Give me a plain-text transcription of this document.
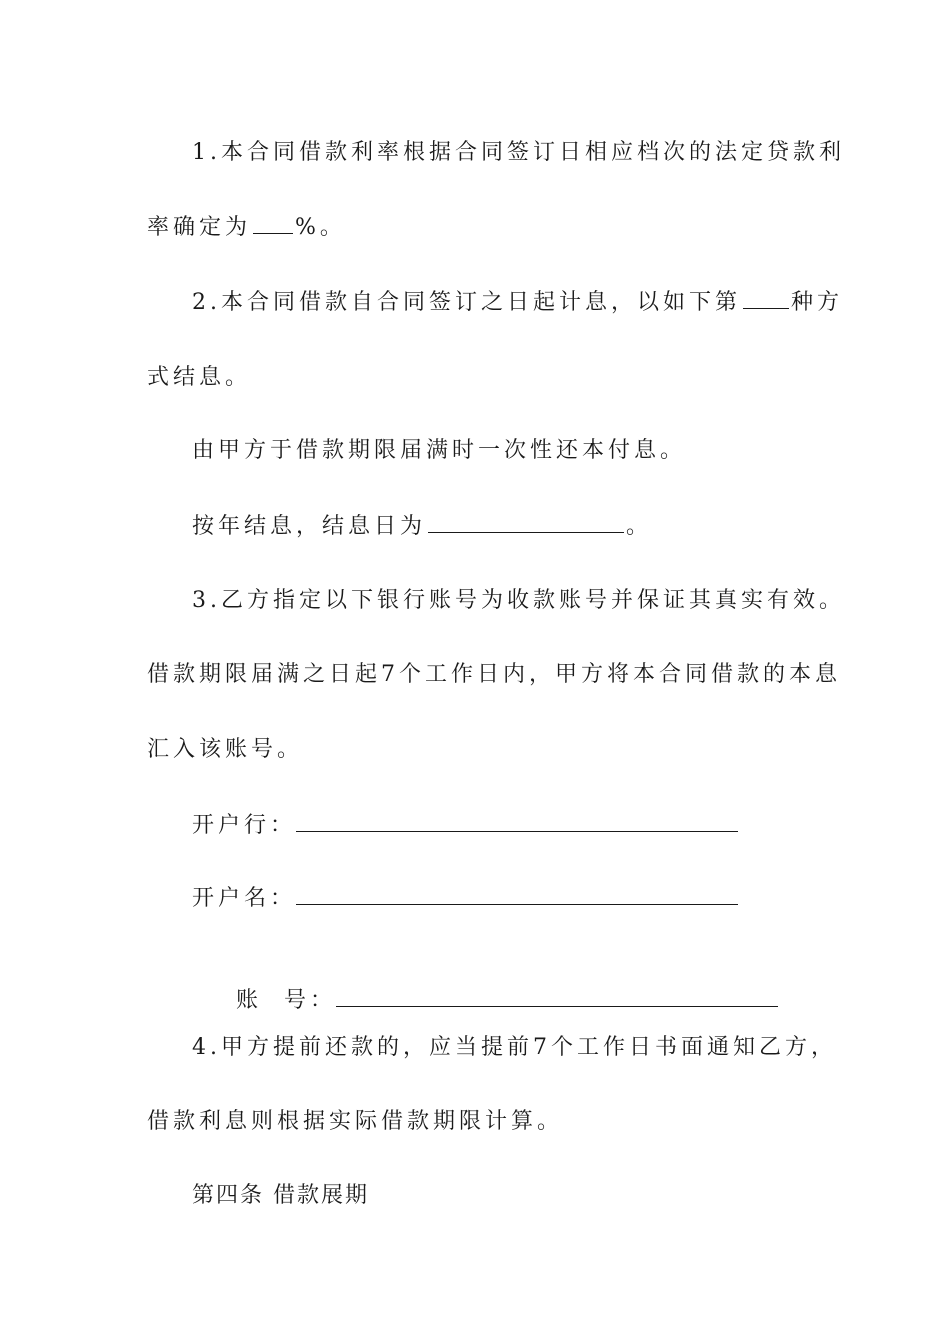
1.本合同借款利率根据合同签订日相应档次的法定贷款利
率确定为 %。
2.本合同借款自合同签订之日起计息，以如下第 种方
式结息。
由甲方于借款期限届满时一次性还本付息。
按年结息，结息日为	。
3.乙方指定以下银行账号为收款账号并保证其真实有效。
借款期限届满之日起7个工作日内，甲方将本合同借款的本息
汇入该账号。
开户行：
开户名：

账  号：

4.甲方提前还款的，应当提前7个工作日书面通知乙方，
借款利息则根据实际借款期限计算。
第四条 借款展期
